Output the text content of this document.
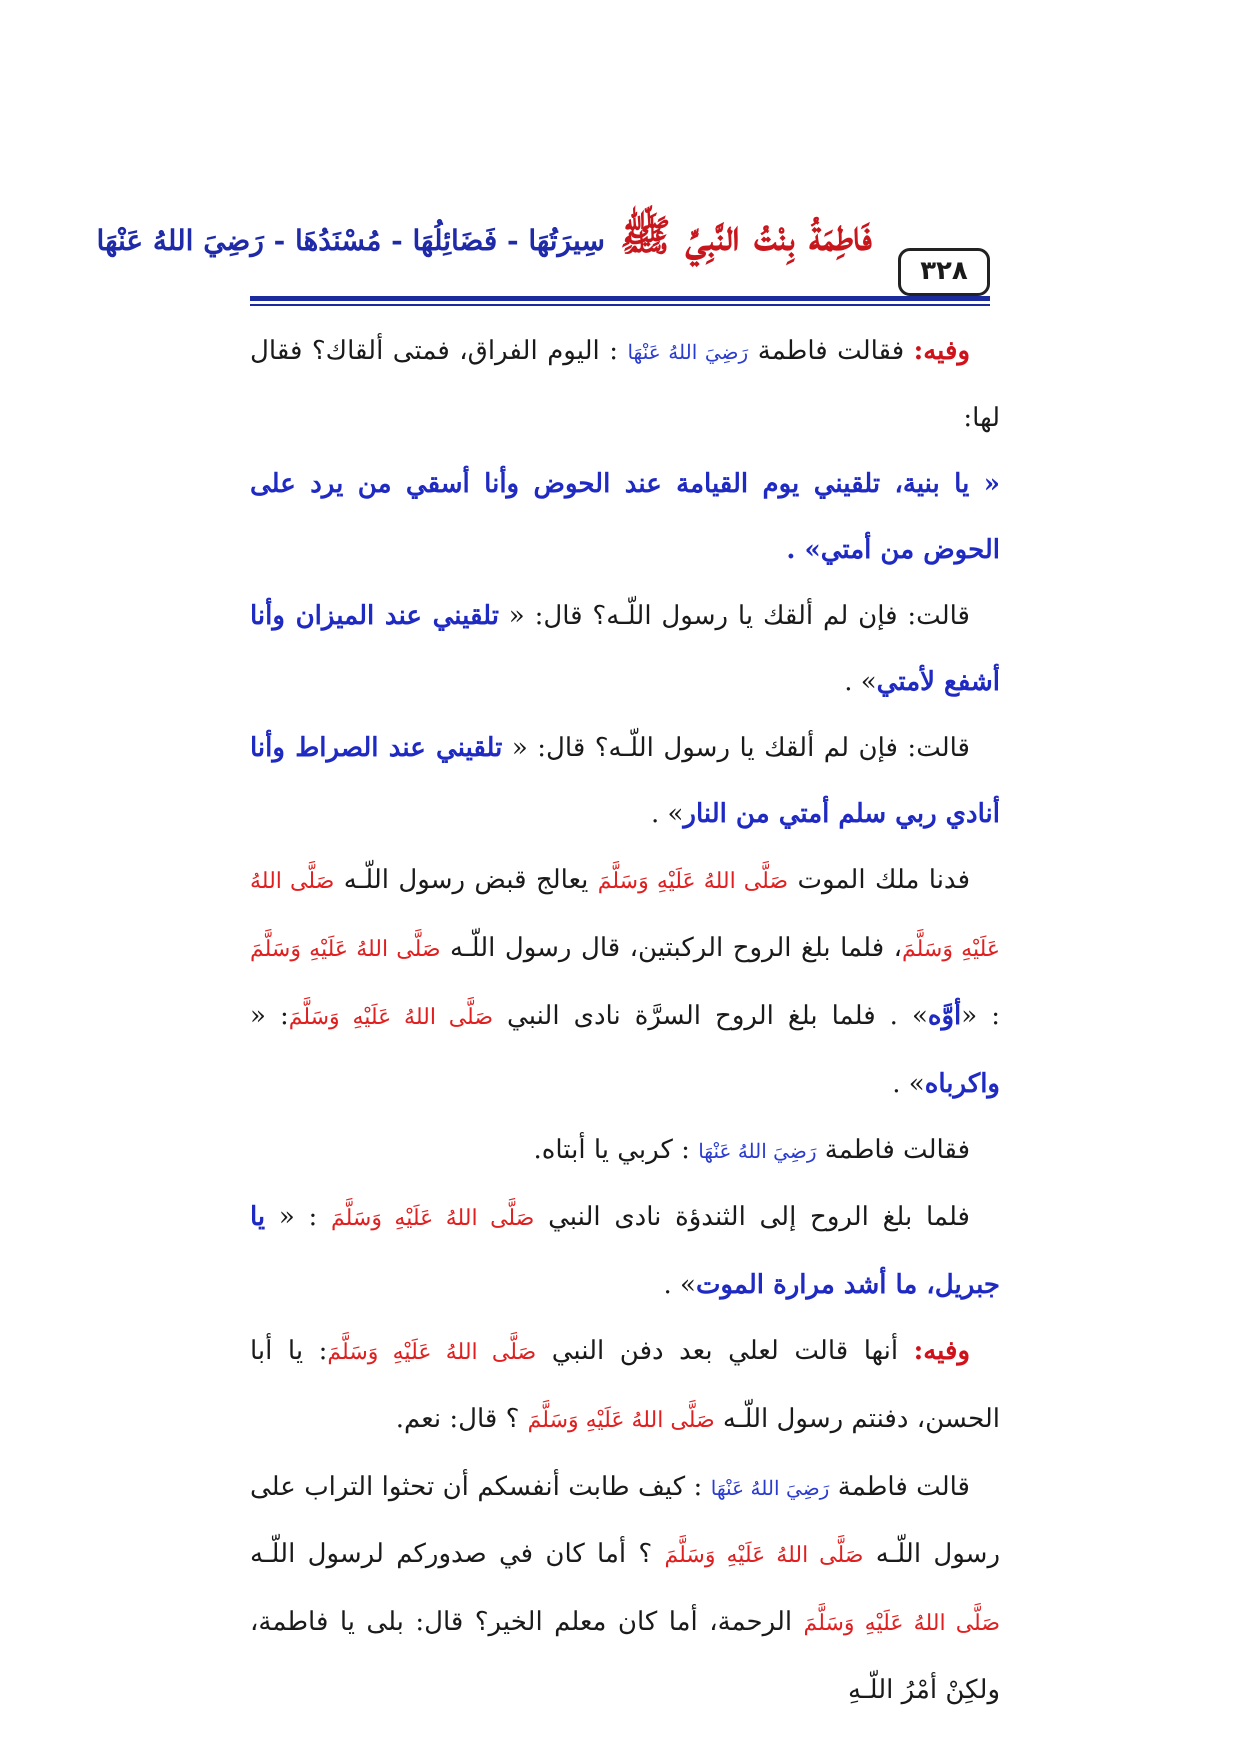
٣٢٨
فَاطِمَةُ بِنْتُ النَّبِيِّ ﷺ سِيرَتُهَا - فَضَائِلُهَا - مُسْنَدُهَا - رَضِيَ اللهُ عَنْهَا

وفيه: فقالت فاطمة رَضِيَ اللهُ عَنْهَا : اليوم الفراق، فمتى ألقاك؟ فقال لها:

« يا بنية، تلقيني يوم القيامة عند الحوض وأنا أسقي من يرد على الحوض من أمتي» .

قالت: فإن لم ألقك يا رسول اللّـه؟ قال: « تلقيني عند الميزان وأنا أشفع لأمتي» .

قالت: فإن لم ألقك يا رسول اللّـه؟ قال: « تلقيني عند الصراط وأنا أنادي ربي سلم أمتي من النار» .

فدنا ملك الموت صَلَّى اللهُ عَلَيْهِ وَسَلَّمَ يعالج قبض رسول اللّـه صَلَّى اللهُ عَلَيْهِ وَسَلَّمَ، فلما بلغ الروح الركبتين، قال رسول اللّـه صَلَّى اللهُ عَلَيْهِ وَسَلَّمَ : «أوَّه» . فلما بلغ الروح السرَّة نادى النبي صَلَّى اللهُ عَلَيْهِ وَسَلَّمَ: « واكرباه» .

فقالت فاطمة رَضِيَ اللهُ عَنْهَا : كربي يا أبتاه.

فلما بلغ الروح إلى الثندؤة نادى النبي صَلَّى اللهُ عَلَيْهِ وَسَلَّمَ : « يا جبريل، ما أشد مرارة الموت» .

وفيه: أنها قالت لعلي بعد دفن النبي صَلَّى اللهُ عَلَيْهِ وَسَلَّمَ: يا أبا الحسن، دفنتم رسول اللّـه صَلَّى اللهُ عَلَيْهِ وَسَلَّمَ ؟ قال: نعم.

قالت فاطمة رَضِيَ اللهُ عَنْهَا : كيف طابت أنفسكم أن تحثوا التراب على رسول اللّـه صَلَّى اللهُ عَلَيْهِ وَسَلَّمَ ؟ أما كان في صدوركم لرسول اللّـه صَلَّى اللهُ عَلَيْهِ وَسَلَّمَ الرحمة، أما كان معلم الخير؟ قال: بلى يا فاطمة، ولكِنْ أمْرُ اللّـهِ
